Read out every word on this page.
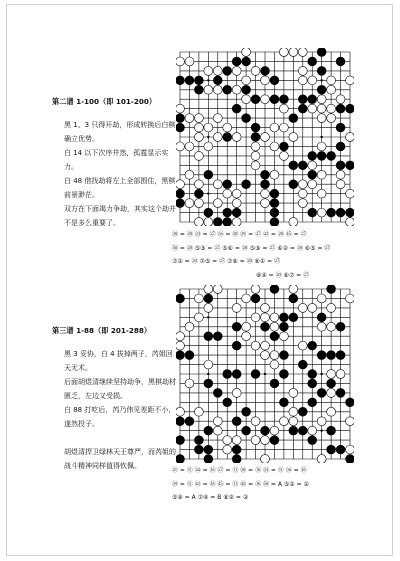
第二谱 1-100（即 101-200）

黑 1、3 只得开劫，形成转换后白棋确立优势。

白 14 以下次序井然，孤霆显示实力。

白 48 借找劫将左上全部围住，黑棋前景渺茫。

双方在下面竭力争劫，其实这个劫并不是多么重要了。

㉚ = ⑳ ㉝ = ㉗ ㊱ = ⑳ ㊴ = ㉗ ㊷ = ⑳ ㊺ = ㉗
㊿ = ⑳ ⑤③ = ㉗ ⑤⑥ = ⑳ ⑤⑨ = ㉗ ⑥② = ⑳ ⑥⑤ = ㉗
⑦② = ⑳ ⑦⑤ = ㉗ ⑦⑧ = ⑳ ⑧① = ㉗
⑧④ = ⑳ ⑧⑦ = ㉗
第三谱 1-88（即 201-288）

黑 3 妥协，白 4 拔掉两子，芮姐回天无术。

后面胡煜清继续坚持劫争，黑棋劫材匮乏，左边又受损。

白 88 打吃后，芮乃伟见差距不小，遂然投子。

胡煜清捍卫绿林天王尊严，而芮姐的战斗精神同样值得钦佩。

㉑ = ⑪ ㉔ = ⑯ ㉗ = ⑪ ㉚ = ⑯ ㉝ = ⑪ ㊱ = ⑯
㊴ = ⑪ ㊷ = ⑯ ㊺ = ⑪ ㊽ = ⑯ ㊿ = A ⑤② = ②
⑤⑨ = A ⑦④ = B ⑧② = ②
